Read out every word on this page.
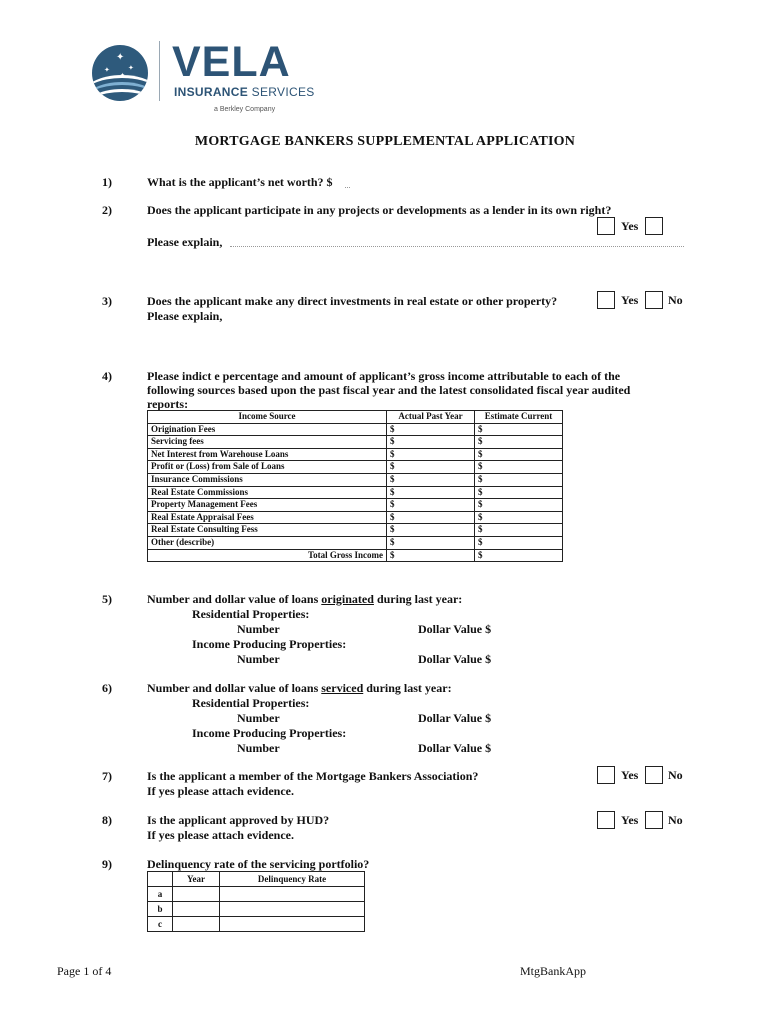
✦
✦	✦
✦ VELA
INSURANCE SERVICES
a Berkley Company
MORTGAGE BANKERS SUPPLEMENTAL APPLICATION
1)	What is the applicant’s net worth? $
2)	Does the applicant participate in any projects or developments as a lender in its own right?
Yes
Please explain,
3)	Does the applicant make any direct investments in real estate or other property?	Yes No
Please explain,
4)	Please indict e percentage and amount of applicant’s gross income attributable to each of the
following sources based upon the past fiscal year and the latest consolidated fiscal year audited
reports:
Income Source	Actual Past Year	Estimate Current
Origination Fees	$	$
Servicing fees	$	$
Net Interest from Warehouse Loans	$	$
Profit or (Loss) from Sale of Loans	$	$
Insurance Commissions	$	$
Real Estate Commissions	$	$
Property Management Fees	$	$
Real Estate Appraisal Fees	$	$
Real Estate Consulting Fess	$	$
Other (describe)	$	$
Total Gross Income	$	$
5)	Number and dollar value of loans originated during last year:
Residential Properties:
Number	Dollar Value $
Income Producing Properties:
Number	Dollar Value $
6)	Number and dollar value of loans serviced during last year:
Residential Properties:
Number	Dollar Value $
Income Producing Properties:
Number	Dollar Value $
7)	Is the applicant a member of the Mortgage Bankers Association?
If yes please attach evidence.
Yes No
8)	Is the applicant approved by HUD?
If yes please attach evidence.
Yes No
9)	Delinquency rate of the servicing portfolio?
	Year	Delinquency Rate
a		
b		
c		
Page 1 of 4	MtgBankApp
